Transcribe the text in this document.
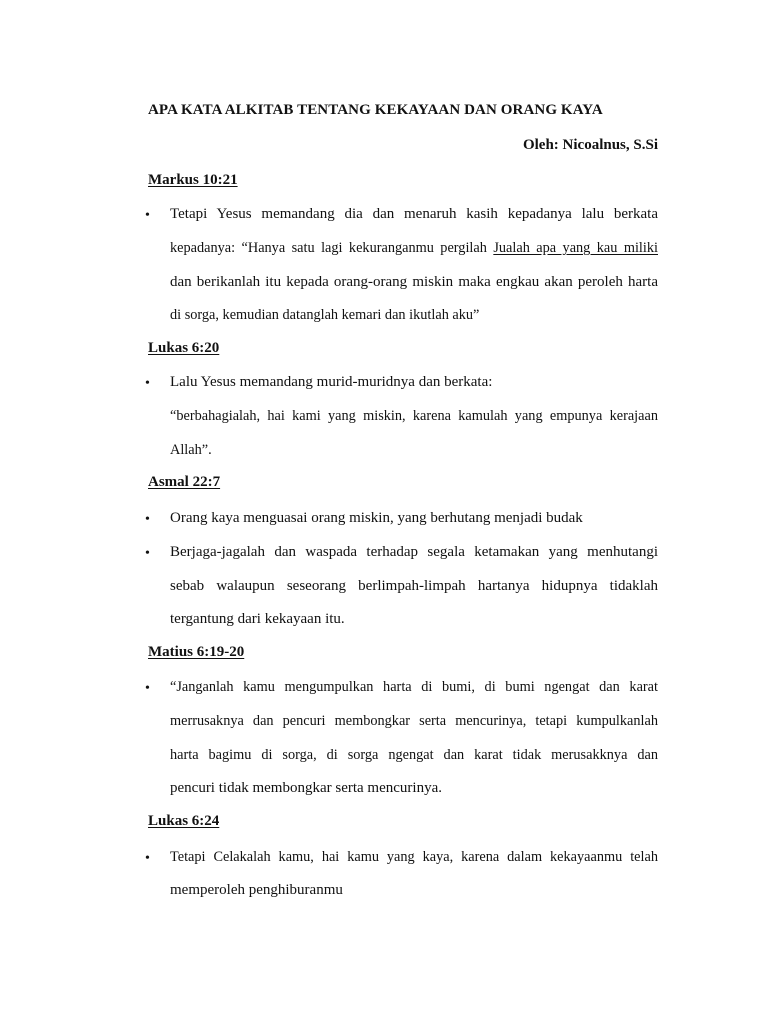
APA KATA ALKITAB TENTANG KEKAYAAN DAN ORANG KAYA
Oleh: Nicoalnus, S.Si
Markus 10:21
• Tetapi Yesus memandang dia dan menaruh kasih kepadanya lalu berkata
kepadanya: “Hanya satu lagi kekuranganmu pergilah Jualah apa yang kau miliki
dan berikanlah itu kepada orang-orang miskin maka engkau akan peroleh harta
di sorga, kemudian datanglah kemari dan ikutlah aku”
Lukas 6:20
• Lalu Yesus memandang murid-muridnya dan berkata:
“berbahagialah, hai kami yang miskin, karena kamulah yang empunya kerajaan
Allah”.
Asmal 22:7
• Orang kaya menguasai orang miskin, yang berhutang menjadi budak
• Berjaga-jagalah dan waspada terhadap segala ketamakan yang menhutangi
sebab walaupun seseorang berlimpah-limpah hartanya hidupnya tidaklah
tergantung dari kekayaan itu.
Matius 6:19-20
• “Janganlah kamu mengumpulkan harta di bumi, di bumi ngengat dan karat
merrusaknya dan pencuri membongkar serta mencurinya, tetapi kumpulkanlah
harta bagimu di sorga, di sorga ngengat dan karat tidak merusakknya dan
pencuri tidak membongkar serta mencurinya.
Lukas 6:24
• Tetapi Celakalah kamu, hai kamu yang kaya, karena dalam kekayaanmu telah
memperoleh penghiburanmu
